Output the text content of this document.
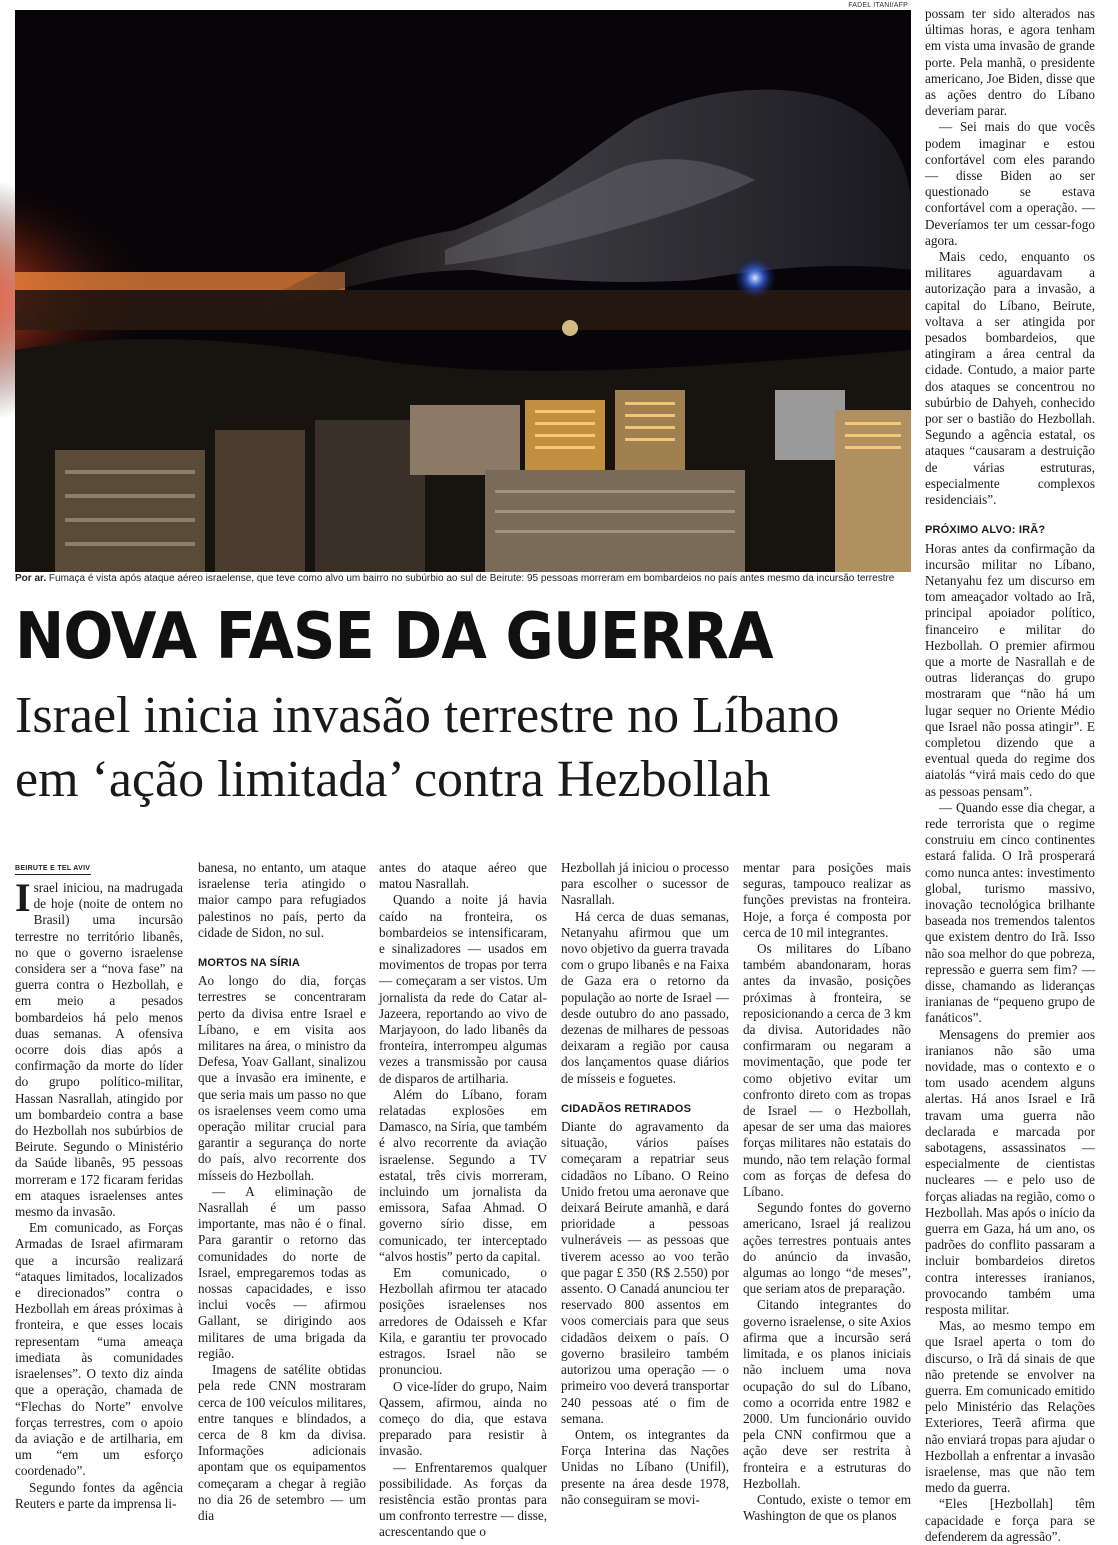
possam ter sido alterados nas últimas horas, e agora tenham em vista uma invasão de grande porte. Pela manhã, o presidente americano, Joe Biden, disse que as ações dentro do Líbano deveriam parar.

— Sei mais do que vocês podem imaginar e estou confortável com eles parando — disse Biden ao ser questionado se estava confortável com a operação. — Deveríamos ter um cessar-fogo agora.

Mais cedo, enquanto os militares aguardavam a autorização para a invasão, a capital do Líbano, Beirute, voltava a ser atingida por pesados bombardeios, que atingiram a área central da cidade. Contudo, a maior parte dos ataques se concentrou no subúrbio de Dahyeh, conhecido por ser o bastião do Hezbollah. Segundo a agência estatal, os ataques “causaram a destruição de várias estruturas, especialmente complexos residenciais”.

PRÓXIMO ALVO: IRÃ?

Horas antes da confirmação da incursão militar no Líbano, Netanyahu fez um discurso em tom ameaçador voltado ao Irã, principal apoiador político, financeiro e militar do Hezbollah. O premier afirmou que a morte de Nasrallah e de outras lideranças do grupo mostraram que “não há um lugar sequer no Oriente Médio que Israel não possa atingir”. E completou dizendo que a eventual queda do regime dos aiatolás “virá mais cedo do que as pessoas pensam”.

— Quando esse dia chegar, a rede terrorista que o regime construiu em cinco continentes estará falida. O Irã prosperará como nunca antes: investimento global, turismo massivo, inovação tecnológica brilhante baseada nos tremendos talentos que existem dentro do Irã. Isso não soa melhor do que pobreza, repressão e guerra sem fim? — disse, chamando as lideranças iranianas de “pequeno grupo de fanáticos”.

Mensagens do premier aos iranianos não são uma novidade, mas o contexto e o tom usado acendem alguns alertas. Há anos Israel e Irã travam uma guerra não declarada e marcada por sabotagens, assassinatos — especialmente de cientistas nucleares — e pelo uso de forças aliadas na região, como o Hezbollah. Mas após o início da guerra em Gaza, há um ano, os padrões do conflito passaram a incluir bombardeios diretos contra interesses iranianos, provocando também uma resposta militar.

Mas, ao mesmo tempo em que Israel aperta o tom do discurso, o Irã dá sinais de que não pretende se envolver na guerra. Em comunicado emitido pelo Ministério das Relações Exteriores, Teerã afirma que não enviará tropas para ajudar o Hezbollah a enfrentar a invasão israelense, mas que não tem medo da guerra.

“Eles [Hezbollah] têm capacidade e força para se defenderem da agressão”.

FADEL ITANI/AFP
Por ar. Fumaça é vista após ataque aéreo israelense, que teve como alvo um bairro no subúrbio ao sul de Beirute: 95 pessoas morreram em bombardeios no país antes mesmo da incursão terrestre
NOVA FASE DA GUERRA
Israel inicia invasão terrestre no Líbano em ‘ação limitada’ contra Hezbollah
BEIRUTE E TEL AVIV
I srael iniciou, na madrugada de hoje (noite de ontem no Brasil) uma incursão terrestre no território libanês, no que o governo israelense considera ser a “nova fase” na guerra contra o Hezbollah, e em meio a pesados bombardeios há pelo menos duas semanas. A ofensiva ocorre dois dias após a confirmação da morte do líder do grupo político-militar, Hassan Nasrallah, atingido por um bombardeio contra a base do Hezbollah nos subúrbios de Beirute. Segundo o Ministério da Saúde libanês, 95 pessoas morreram e 172 ficaram feridas em ataques israelenses antes mesmo da invasão.

Em comunicado, as Forças Armadas de Israel afirmaram que a incursão realizará “ataques limitados, localizados e direcionados” contra o Hezbollah em áreas próximas à fronteira, e que esses locais representam “uma ameaça imediata às comunidades israelenses”. O texto diz ainda que a operação, chamada de “Flechas do Norte” envolve forças terrestres, com o apoio da aviação e de artilharia, em um “em um esforço coordenado”.

Segundo fontes da agência Reuters e parte da imprensa li-

banesa, no entanto, um ataque israelense teria atingido o maior campo para refugiados palestinos no país, perto da cidade de Sidon, no sul.

MORTOS NA SÍRIA

Ao longo do dia, forças terrestres se concentraram perto da divisa entre Israel e Líbano, e em visita aos militares na área, o ministro da Defesa, Yoav Gallant, sinalizou que a invasão era iminente, e que seria mais um passo no que os israelenses veem como uma operação militar crucial para garantir a segurança do norte do país, alvo recorrente dos mísseis do Hezbollah.

— A eliminação de Nasrallah é um passo importante, mas não é o final. Para garantir o retorno das comunidades do norte de Israel, empregaremos todas as nossas capacidades, e isso inclui vocês — afirmou Gallant, se dirigindo aos militares de uma brigada da região.

Imagens de satélite obtidas pela rede CNN mostraram cerca de 100 veículos militares, entre tanques e blindados, a cerca de 8 km da divisa. Informações adicionais apontam que os equipamentos começaram a chegar à região no dia 26 de setembro — um dia

antes do ataque aéreo que matou Nasrallah.

Quando a noite já havia caído na fronteira, os bombardeios se intensificaram, e sinalizadores — usados em movimentos de tropas por terra — começaram a ser vistos. Um jornalista da rede do Catar al-Jazeera, reportando ao vivo de Marjayoon, do lado libanês da fronteira, interrompeu algumas vezes a transmissão por causa de disparos de artilharia.

Além do Líbano, foram relatadas explosões em Damasco, na Síria, que também é alvo recorrente da aviação israelense. Segundo a TV estatal, três civis morreram, incluindo um jornalista da emissora, Safaa Ahmad. O governo sírio disse, em comunicado, ter interceptado “alvos hostis” perto da capital.

Em comunicado, o Hezbollah afirmou ter atacado posições israelenses nos arredores de Odaisseh e Kfar Kila, e garantiu ter provocado estragos. Israel não se pronunciou.

O vice-líder do grupo, Naim Qassem, afirmou, ainda no começo do dia, que estava preparado para resistir à invasão.

— Enfrentaremos qualquer possibilidade. As forças da resistência estão prontas para um confronto terrestre — disse, acrescentando que o

Hezbollah já iniciou o processo para escolher o sucessor de Nasrallah.

Há cerca de duas semanas, Netanyahu afirmou que um novo objetivo da guerra travada com o grupo libanês e na Faixa de Gaza era o retorno da população ao norte de Israel — desde outubro do ano passado, dezenas de milhares de pessoas deixaram a região por causa dos lançamentos quase diários de mísseis e foguetes.

CIDADÃOS RETIRADOS

Diante do agravamento da situação, vários países começaram a repatriar seus cidadãos no Líbano. O Reino Unido fretou uma aeronave que deixará Beirute amanhã, e dará prioridade a pessoas vulneráveis — as pessoas que tiverem acesso ao voo terão que pagar £ 350 (R$ 2.550) por assento. O Canadá anunciou ter reservado 800 assentos em voos comerciais para que seus cidadãos deixem o país. O governo brasileiro também autorizou uma operação — o primeiro voo deverá transportar 240 pessoas até o fim de semana.

Ontem, os integrantes da Força Interina das Nações Unidas no Líbano (Unifil), presente na área desde 1978, não conseguiram se movi-

mentar para posições mais seguras, tampouco realizar as funções previstas na fronteira. Hoje, a força é composta por cerca de 10 mil integrantes.

Os militares do Líbano também abandonaram, horas antes da invasão, posições próximas à fronteira, se reposicionando a cerca de 3 km da divisa. Autoridades não confirmaram ou negaram a movimentação, que pode ter como objetivo evitar um confronto direto com as tropas de Israel — o Hezbollah, apesar de ser uma das maiores forças militares não estatais do mundo, não tem relação formal com as forças de defesa do Líbano.

Segundo fontes do governo americano, Israel já realizou ações terrestres pontuais antes do anúncio da invasão, algumas ao longo “de meses”, que seriam atos de preparação.

Citando integrantes do governo israelense, o site Axios afirma que a incursão será limitada, e os planos iniciais não incluem uma nova ocupação do sul do Líbano, como a ocorrida entre 1982 e 2000. Um funcionário ouvido pela CNN confirmou que a ação deve ser restrita à fronteira e a estruturas do Hezbollah.

Contudo, existe o temor em Washington de que os planos
